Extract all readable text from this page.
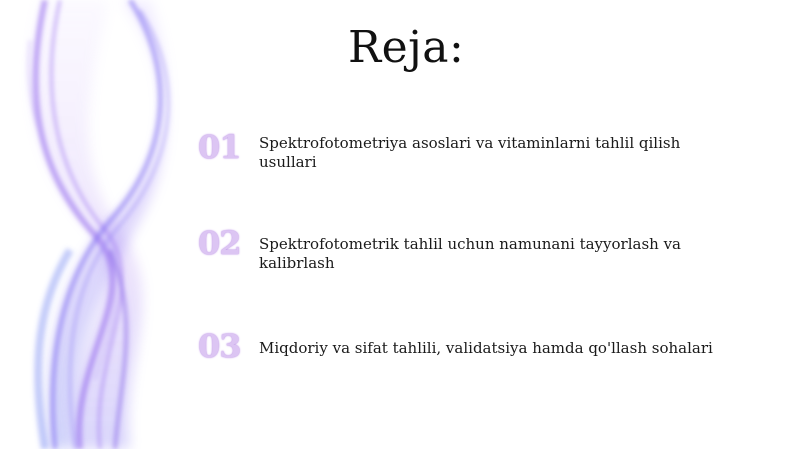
Reja:
01 Spektrofotometriya asoslari va vitaminlarni tahlil qilish usullari
02 Spektrofotometrik tahlil uchun namunani tayyorlash va kalibrlash
03 Miqdoriy va sifat tahlili, validatsiya hamda qo'llash sohalari
